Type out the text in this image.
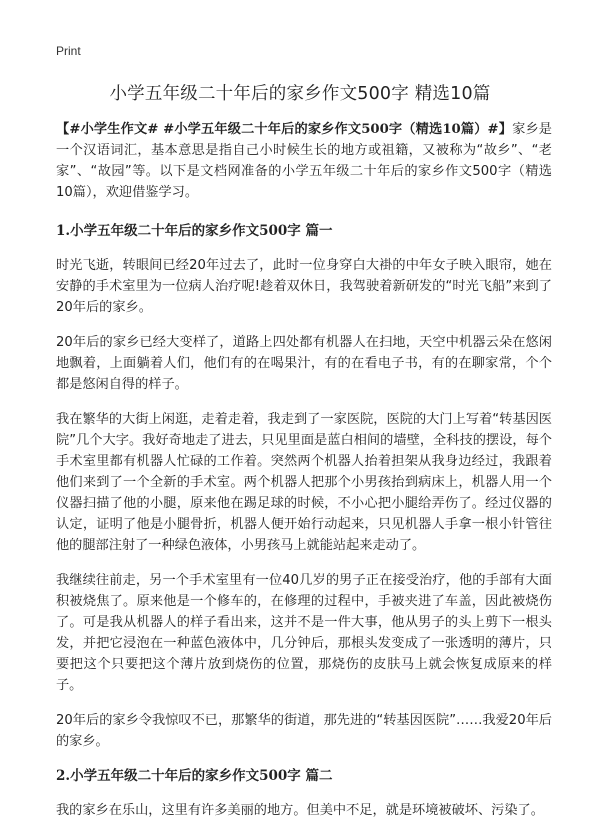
Print
小学五年级二十年后的家乡作文500字 精选10篇

【#小学生作文# #小学五年级二十年后的家乡作文500字（精选10篇）#】家乡是一个汉语词汇，基本意思是指自己小时候生长的地方或祖籍，又被称为“故乡”、“老家”、“故园”等。以下是文档网准备的小学五年级二十年后的家乡作文500字（精选10篇），欢迎借鉴学习。

1.小学五年级二十年后的家乡作文500字 篇一

时光飞逝，转眼间已经20年过去了，此时一位身穿白大褂的中年女子映入眼帘，她在安静的手术室里为一位病人治疗呢!趁着双休日，我驾驶着新研发的“时光飞船”来到了20年后的家乡。

20年后的家乡已经大变样了，道路上四处都有机器人在扫地，天空中机器云朵在悠闲地飘着，上面躺着人们，他们有的在喝果汁，有的在看电子书，有的在聊家常，个个都是悠闲自得的样子。

我在繁华的大街上闲逛，走着走着，我走到了一家医院，医院的大门上写着“转基因医院”几个大字。我好奇地走了进去，只见里面是蓝白相间的墙壁，全科技的摆设，每个手术室里都有机器人忙碌的工作着。突然两个机器人抬着担架从我身边经过，我跟着他们来到了一个全新的手术室。两个机器人把那个小男孩抬到病床上，机器人用一个仪器扫描了他的小腿，原来他在踢足球的时候，不小心把小腿给弄伤了。经过仪器的认定，证明了他是小腿骨折，机器人便开始行动起来，只见机器人手拿一根小针管往他的腿部注射了一种绿色液体，小男孩马上就能站起来走动了。

我继续往前走，另一个手术室里有一位40几岁的男子正在接受治疗，他的手部有大面积被烧焦了。原来他是一个修车的，在修理的过程中，手被夹进了车盖，因此被烧伤了。可是我从机器人的样子看出来，这并不是一件大事，他从男子的头上剪下一根头发，并把它浸泡在一种蓝色液体中，几分钟后，那根头发变成了一张透明的薄片，只要把这个只要把这个薄片放到烧伤的位置，那烧伤的皮肤马上就会恢复成原来的样子。

20年后的家乡令我惊叹不已，那繁华的街道，那先进的“转基因医院”……我爱20年后的家乡。

2.小学五年级二十年后的家乡作文500字 篇二

我的家乡在乐山，这里有许多美丽的地方。但美中不足，就是环境被破坏、污染了。
